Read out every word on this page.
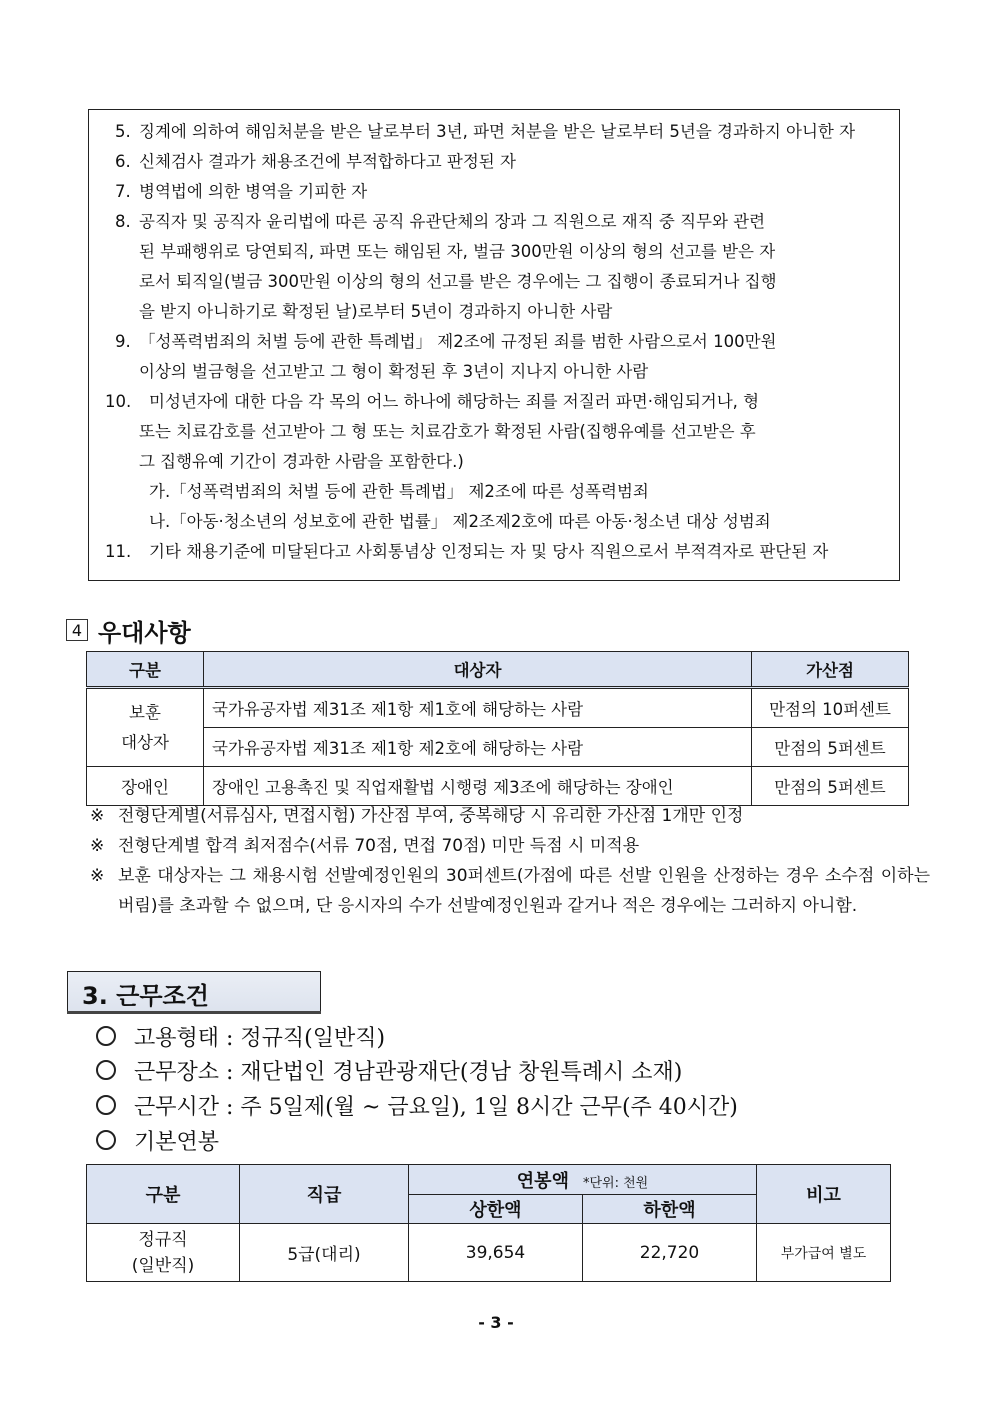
5. 징계에 의하여 해임처분을 받은 날로부터 3년, 파면 처분을 받은 날로부터 5년을 경과하지 아니한 자
6. 신체검사 결과가 채용조건에 부적합하다고 판정된 자
7. 병역법에 의한 병역을 기피한 자
8. 공직자 및 공직자 윤리법에 따른 공직 유관단체의 장과 그 직원으로 재직 중 직무와 관련
된 부패행위로 당연퇴직, 파면 또는 해임된 자, 벌금 300만원 이상의 형의 선고를 받은 자
로서 퇴직일(벌금 300만원 이상의 형의 선고를 받은 경우에는 그 집행이 종료되거나 집행
을 받지 아니하기로 확정된 날)로부터 5년이 경과하지 아니한 사람
9. 「성폭력범죄의 처벌 등에 관한 특례법」 제2조에 규정된 죄를 범한 사람으로서 100만원
이상의 벌금형을 선고받고 그 형이 확정된 후 3년이 지나지 아니한 사람
10. 미성년자에 대한 다음 각 목의 어느 하나에 해당하는 죄를 저질러 파면·해임되거나, 형
또는 치료감호를 선고받아 그 형 또는 치료감호가 확정된 사람(집행유예를 선고받은 후
그 집행유예 기간이 경과한 사람을 포함한다.)
11. 기타 채용기준에 미달된다고 사회통념상 인정되는 자 및 당사 직원으로서 부적격자로 판단된 자
가.「성폭력범죄의 처벌 등에 관한 특례법」 제2조에 따른 성폭력범죄
나.「아동·청소년의 성보호에 관한 법률」 제2조제2호에 따른 아동·청소년 대상 성범죄
4 우대사항
구분	대상자	가산점
보훈
대상자	국가유공자법 제31조 제1항 제1호에 해당하는 사람	만점의 10퍼센트
	국가유공자법 제31조 제1항 제2호에 해당하는 사람	만점의 5퍼센트
장애인	장애인 고용촉진 및 직업재활법 시행령 제3조에 해당하는 장애인	만점의 5퍼센트
※ 전형단계별(서류심사, 면접시험) 가산점 부여, 중복해당 시 유리한 가산점 1개만 인정
※ 전형단계별 합격 최저점수(서류 70점, 면접 70점) 미만 득점 시 미적용
※ 보훈 대상자는 그 채용시험 선발예정인원의 30퍼센트(가점에 따른 선발 인원을 산정하는 경우 소수점 이하는 버림)를 초과할 수 없으며, 단 응시자의 수가 선발예정인원과 같거나 적은 경우에는 그러하지 아니함.
3. 근무조건
고용형태 : 정규직(일반직)
근무장소 : 재단법인 경남관광재단(경남 창원특례시 소재)
근무시간 : 주 5일제(월 ~ 금요일), 1일 8시간 근무(주 40시간)
기본연봉
구분	직급	연봉액 *단위: 천원		비고
		상한액	하한액	
정규직
(일반직)	5급(대리)	39,654	22,720	부가급여 별도
- 3 -
